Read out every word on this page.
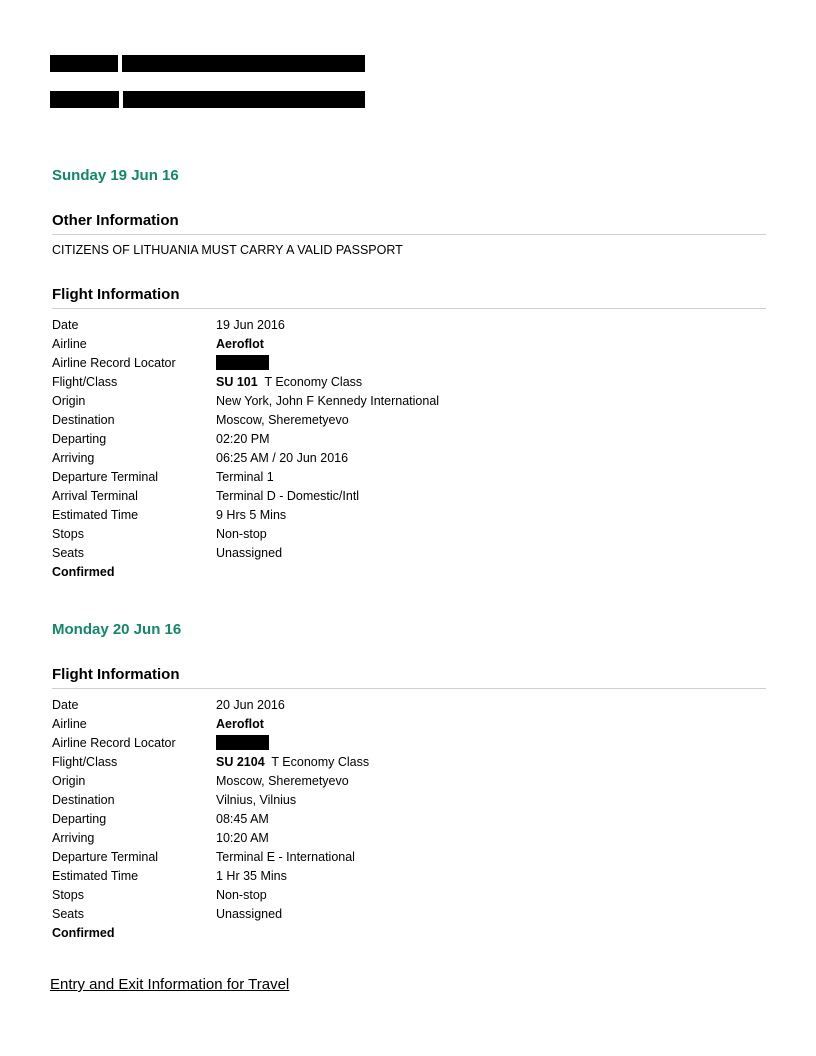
Sunday 19 Jun 16
Other Information

CITIZENS OF LITHUANIA MUST CARRY A VALID PASSPORT

Flight Information
Date	19 Jun 2016
Airline	Aeroflot
Airline Record Locator	
Flight/Class	SU 101 T Economy Class
Origin	New York, John F Kennedy International
Destination	Moscow, Sheremetyevo
Departing	02:20 PM
Arriving	06:25 AM / 20 Jun 2016
Departure Terminal	Terminal 1
Arrival Terminal	Terminal D - Domestic/Intl
Estimated Time	9 Hrs 5 Mins
Stops	Non-stop
Seats	Unassigned
Confirmed	
Monday 20 Jun 16
Flight Information
Date	20 Jun 2016
Airline	Aeroflot
Airline Record Locator	
Flight/Class	SU 2104 T Economy Class
Origin	Moscow, Sheremetyevo
Destination	Vilnius, Vilnius
Departing	08:45 AM
Arriving	10:20 AM
Departure Terminal	Terminal E - International
Estimated Time	1 Hr 35 Mins
Stops	Non-stop
Seats	Unassigned
Confirmed	
Entry and Exit Information for Travel
